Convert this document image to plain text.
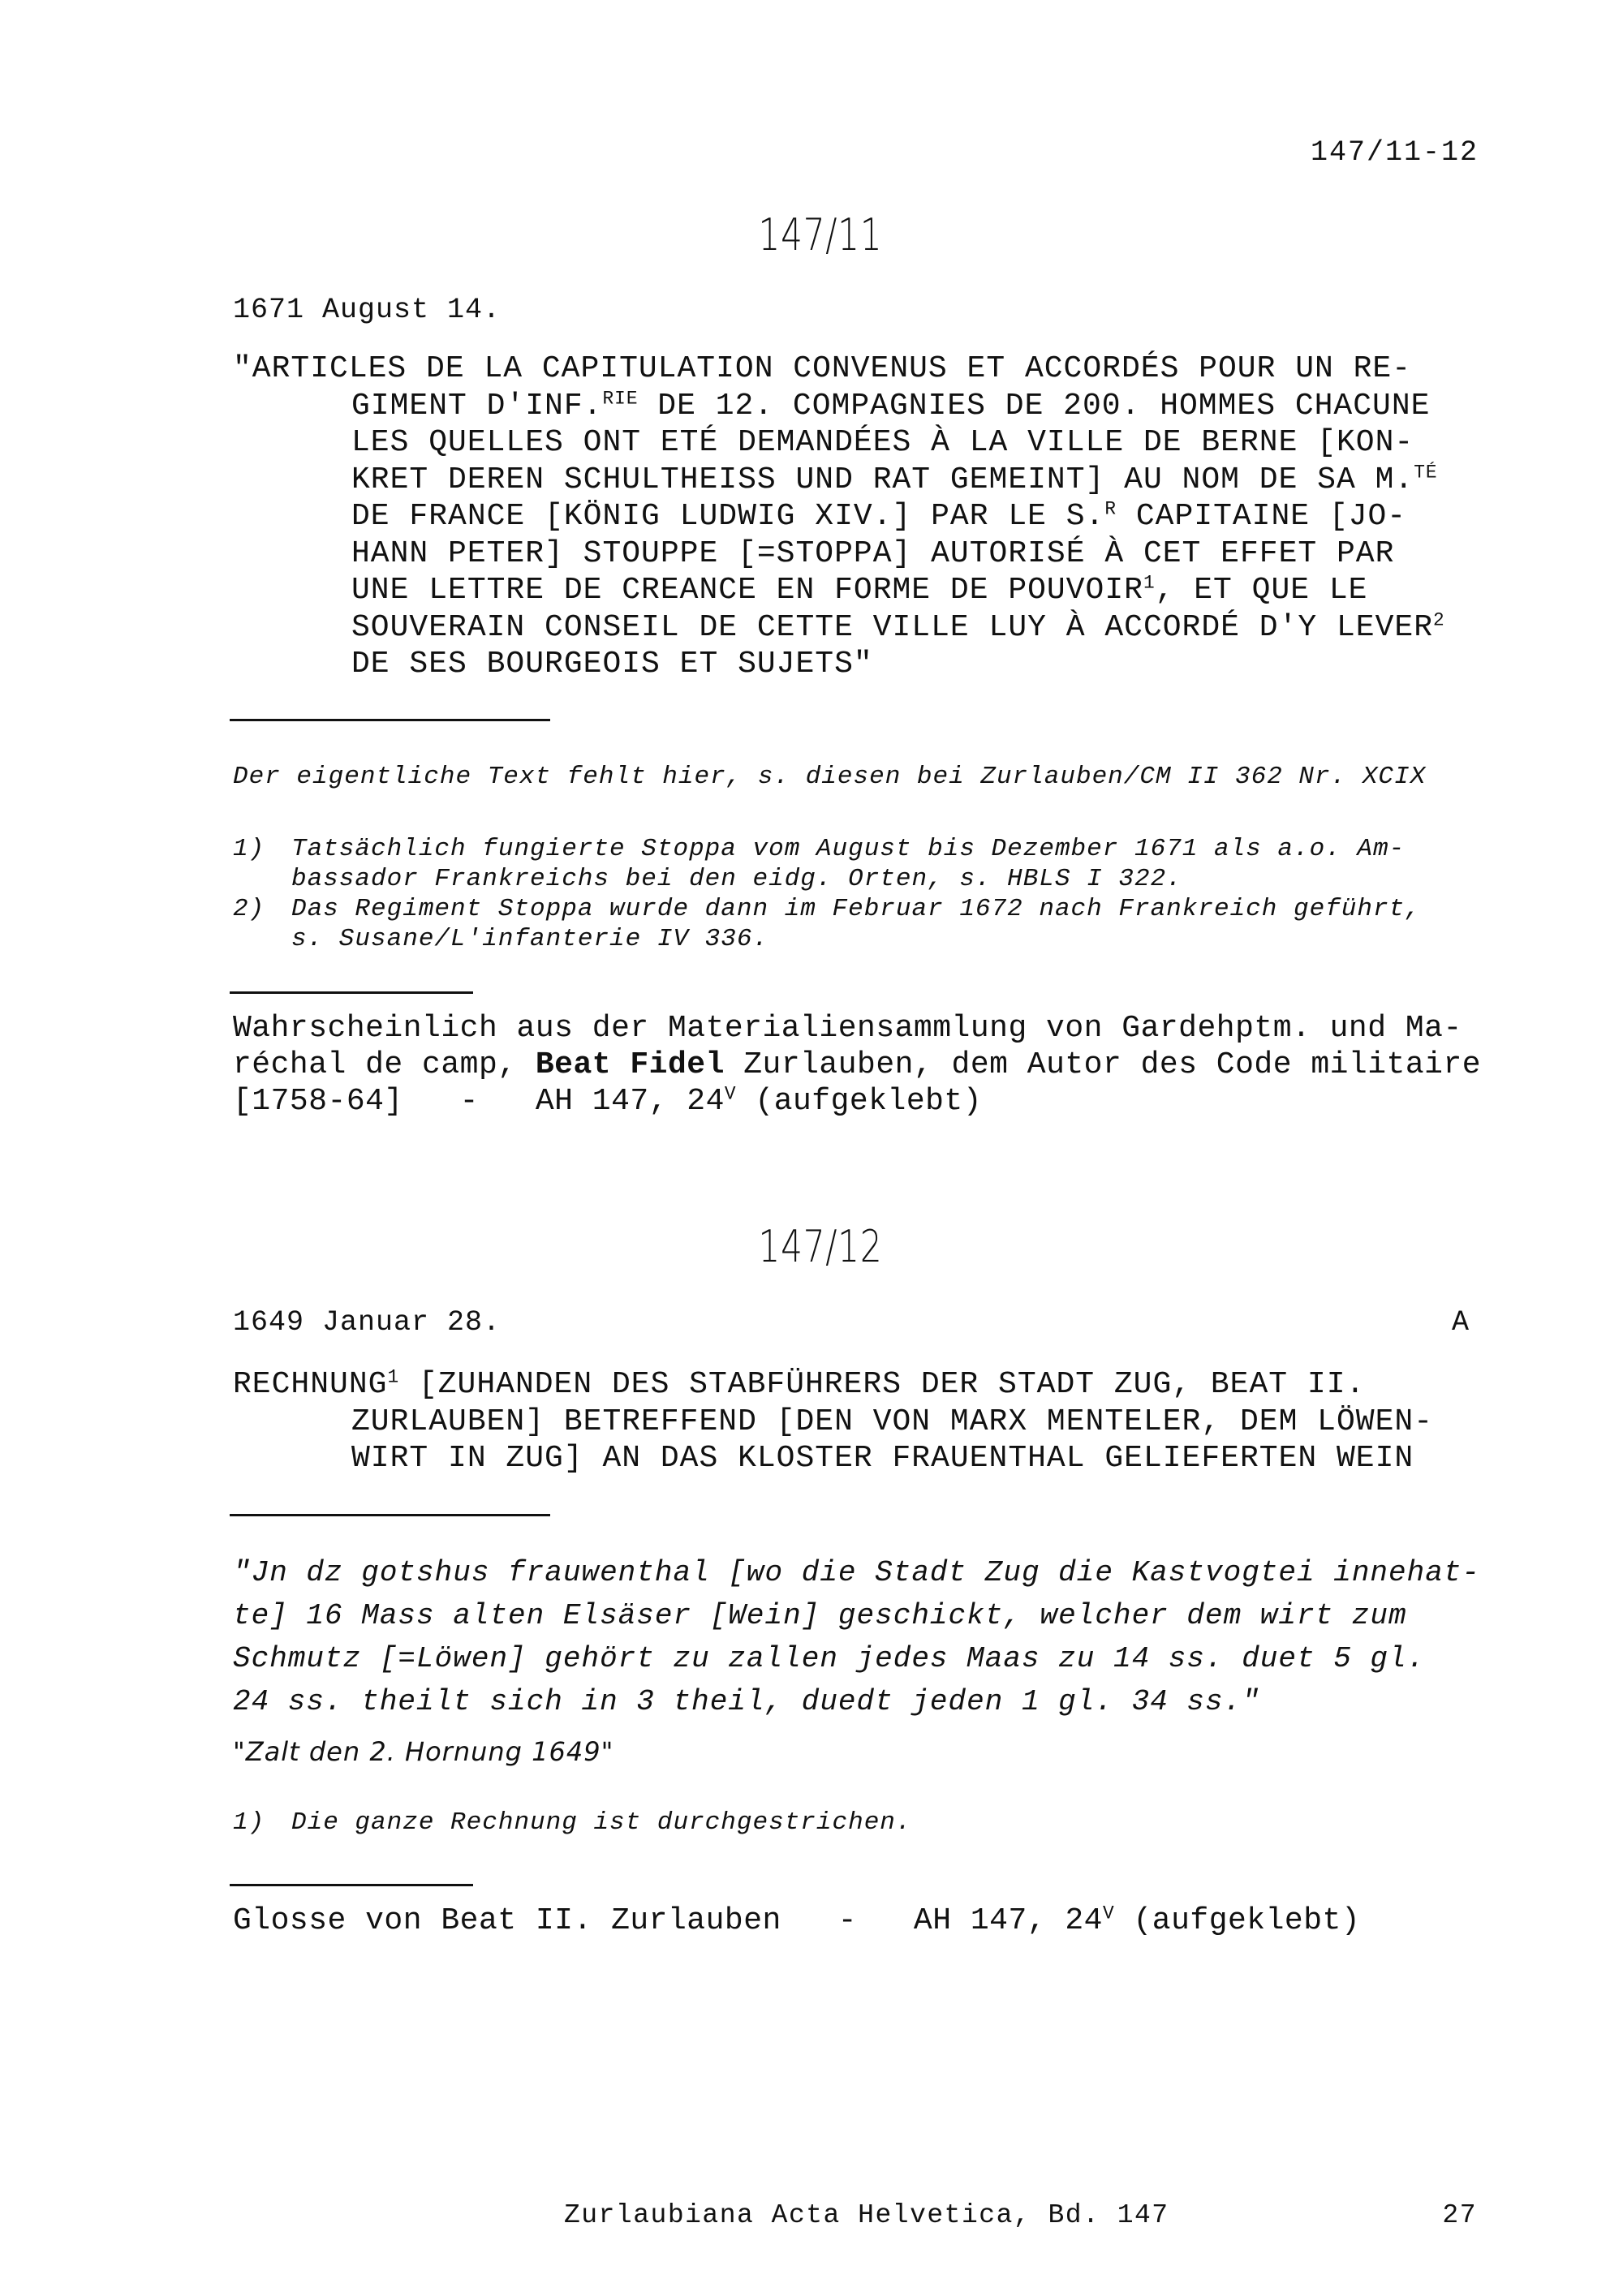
147/11-12
147/11
1671 August 14.
"ARTICLES DE LA CAPITULATION CONVENUS ET ACCORDÉS POUR UN RE-
GIMENT D'INF.$^{RIE}$ DE 12. COMPAGNIES DE 200. HOMMES CHACUNE
LES QUELLES ONT ETÉ DEMANDÉES À LA VILLE DE BERNE [KON-
KRET DEREN SCHULTHEISS UND RAT GEMEINT] AU NOM DE SA M.$^{TÉ}$
DE FRANCE [KÖNIG LUDWIG XIV.] PAR LE S.$^R$ CAPITAINE [JO-
HANN PETER] STOUPPE [=STOPPA] AUTORISÉ À CET EFFET PAR
UNE LETTRE DE CREANCE EN FORME DE POUVOIR$^1$, ET QUE LE
SOUVERAIN CONSEIL DE CETTE VILLE LUY À ACCORDÉ D'Y LEVER$^2$
DE SES BOURGEOIS ET SUJETS"
Der eigentliche Text fehlt hier, s. diesen bei Zurlauben/CM II 362 Nr. XCIX
1)	Tatsächlich fungierte Stoppa vom August bis Dezember 1671 als a.o. Am-
bassador Frankreichs bei den eidg. Orten, s. HBLS I 322.
2)	Das Regiment Stoppa wurde dann im Februar 1672 nach Frankreich geführt,
s. Susane/L'infanterie IV 336.
Wahrscheinlich aus der Materialiensammlung von Gardehptm. und Ma-
réchal de camp, Beat Fidel Zurlauben, dem Autor des Code militaire
[1758-64]   -   AH 147, $24^V$ (aufgeklebt)
147/12
1649 Januar 28.	A
RECHNUNG$^1$ [ZUHANDEN DES STABFÜHRERS DER STADT ZUG, BEAT II.
ZURLAUBEN] BETREFFEND [DEN VON MARX MENTELER, DEM LÖWEN-
WIRT IN ZUG] AN DAS KLOSTER FRAUENTHAL GELIEFERTEN WEIN
"Jn dz gotshus frauwenthal [wo die Stadt Zug die Kastvogtei innehat-
te] 16 Mass alten Elsäser [Wein] geschickt, welcher dem wirt zum
Schmutz [=Löwen] gehört zu zallen jedes Maas zu 14 ss. duet 5 gl.
24 ss. theilt sich in 3 theil, duedt jeden 1 gl. 34 ss."
"Zalt den 2. Hornung 1649"
1)	Die ganze Rechnung ist durchgestrichen.
Glosse von Beat II. Zurlauben   -   AH 147, $24^V$ (aufgeklebt)
Zurlaubiana Acta Helvetica, Bd. 147	27
